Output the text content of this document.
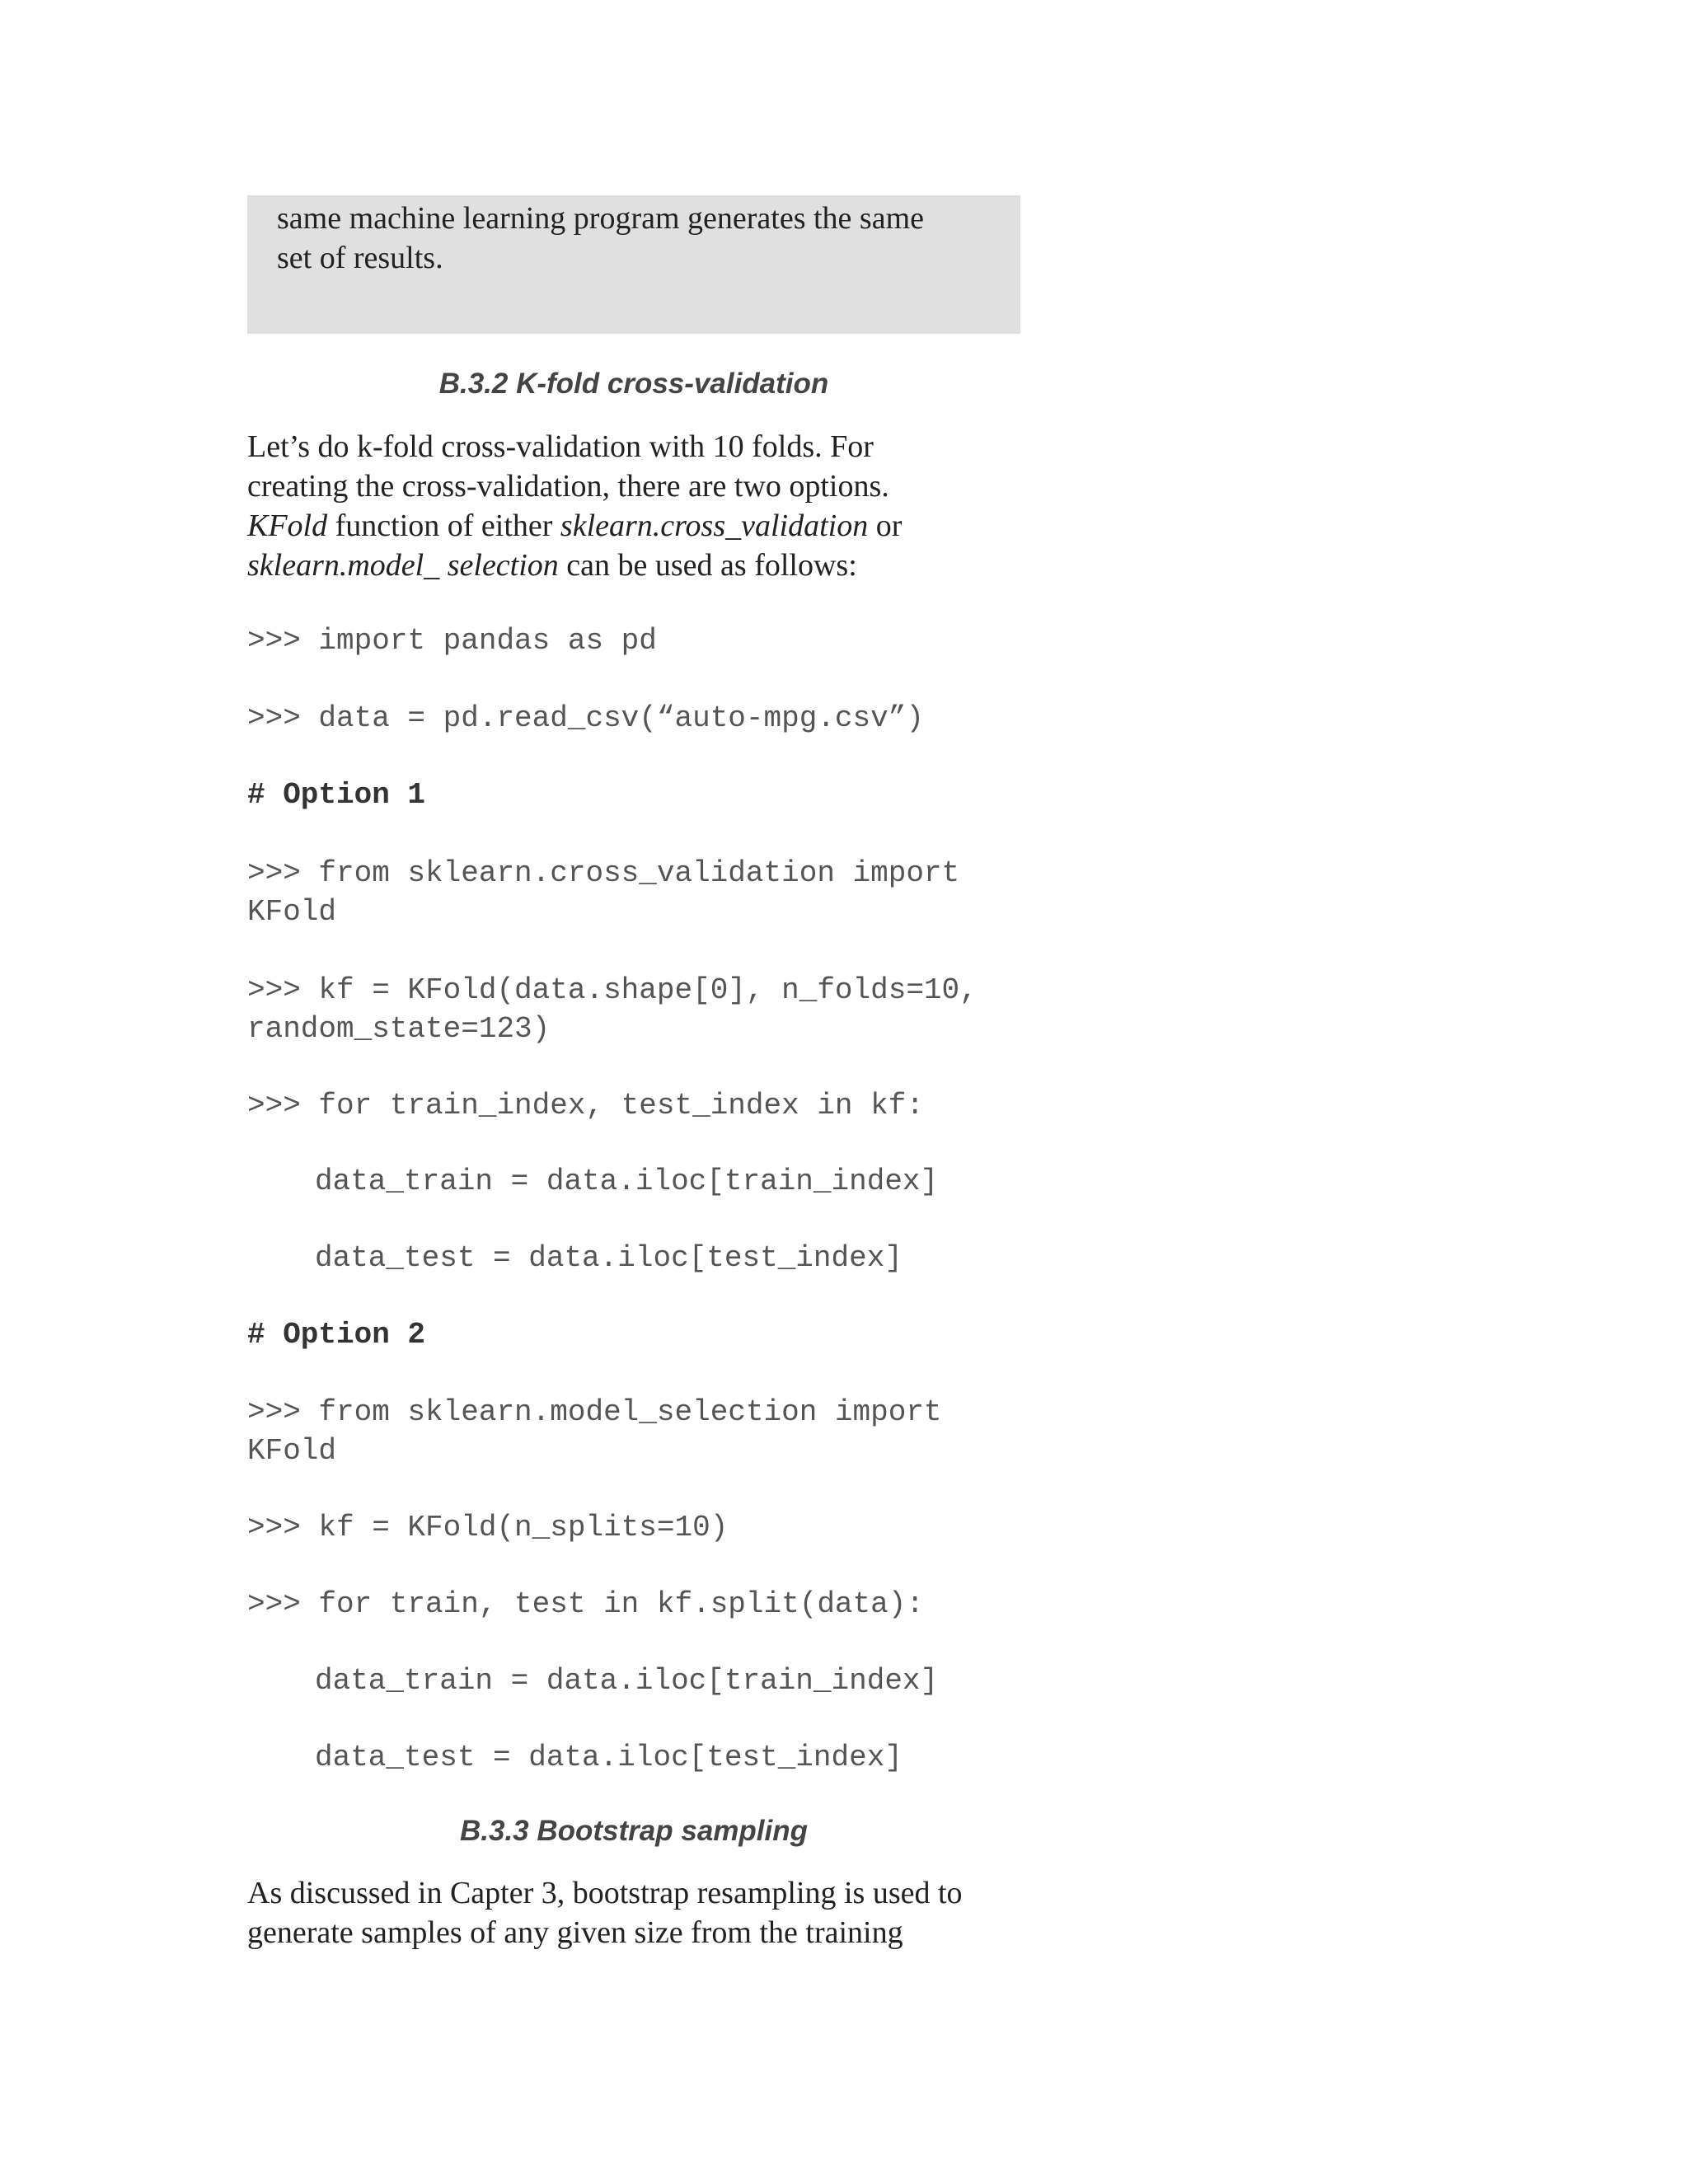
same machine learning program generates the same
set of results.

B.3.2 K-fold cross-validation

Let’s do k-fold cross-validation with 10 folds. For
creating the cross-validation, there are two options.
KFold function of either sklearn.cross_validation or
sklearn.model_ selection can be used as follows:

>>> import pandas as pd
>>> data = pd.read_csv(“auto-mpg.csv”)
# Option 1
>>> from sklearn.cross_validation import
KFold
>>> kf = KFold(data.shape[0], n_folds=10,
random_state=123)
>>> for train_index, test_index in kf:
data_train = data.iloc[train_index]
data_test = data.iloc[test_index]
# Option 2
>>> from sklearn.model_selection import
KFold
>>> kf = KFold(n_splits=10)
>>> for train, test in kf.split(data):
data_train = data.iloc[train_index]
data_test = data.iloc[test_index]
B.3.3 Bootstrap sampling

As discussed in Capter 3, bootstrap resampling is used to
generate samples of any given size from the training
